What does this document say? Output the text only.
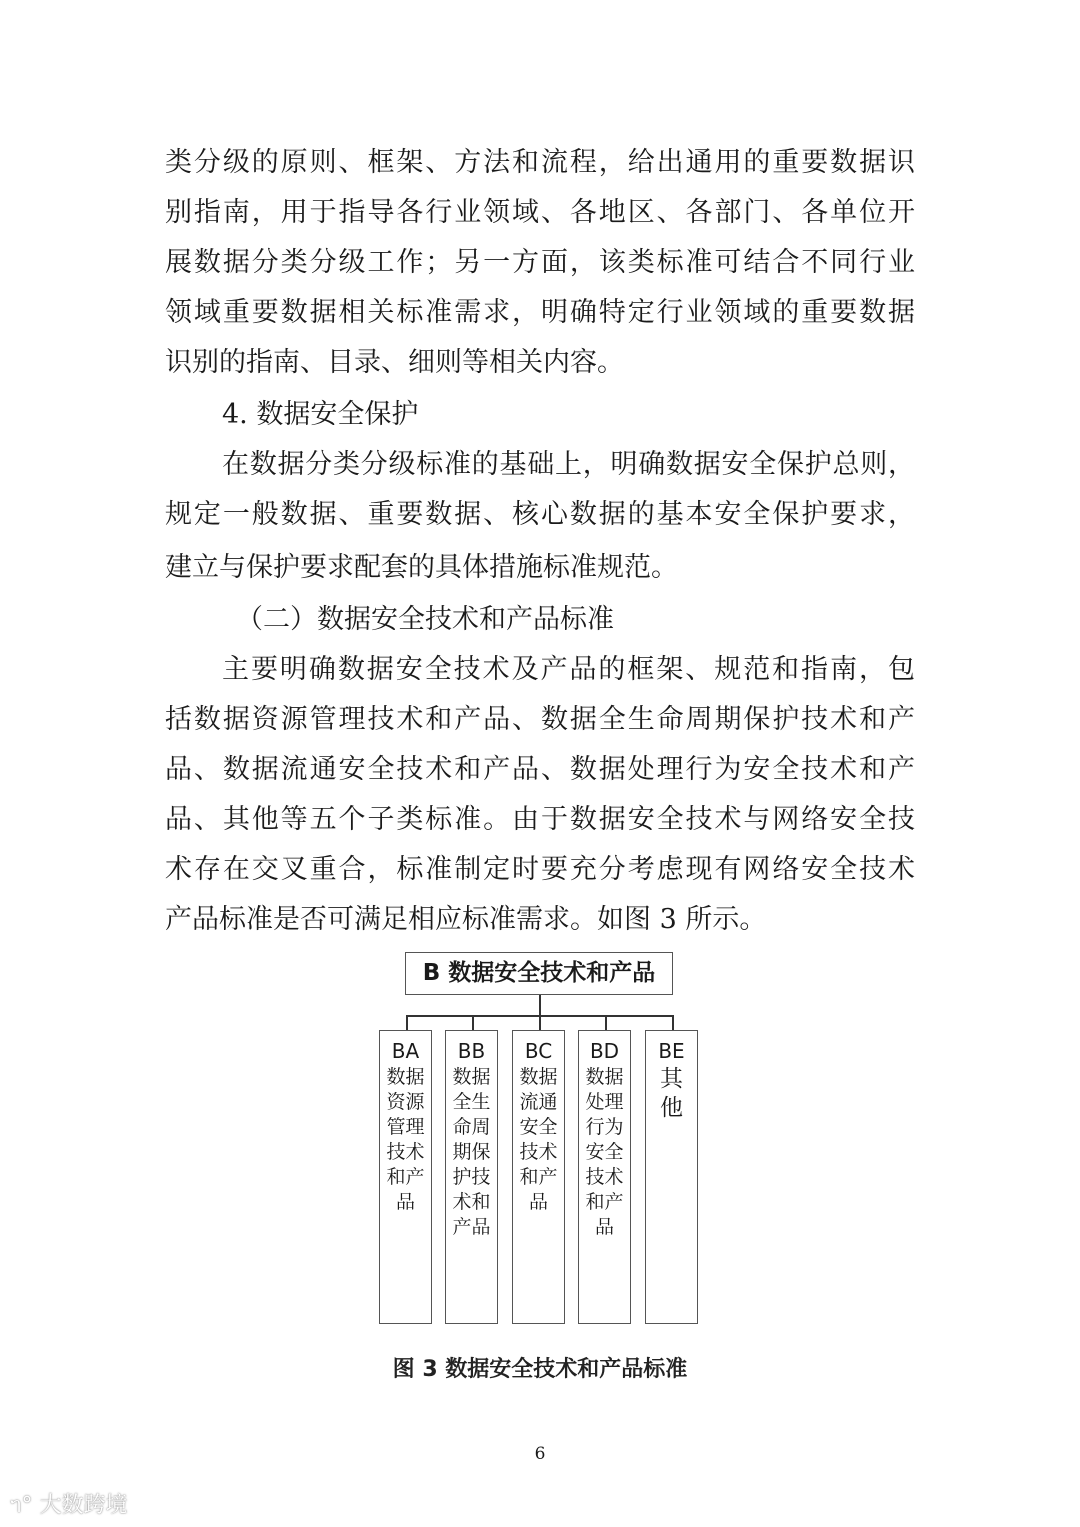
类分级的原则、框架、方法和流程，给出通用的重要数据识
别指南，用于指导各行业领域、各地区、各部门、各单位开
展数据分类分级工作；另一方面，该类标准可结合不同行业
领域重要数据相关标准需求，明确特定行业领域的重要数据
识别的指南、目录、细则等相关内容。
4. 数据安全保护
在数据分类分级标准的基础上，明确数据安全保护总则，
规定一般数据、重要数据、核心数据的基本安全保护要求，
建立与保护要求配套的具体措施标准规范。
（二）数据安全技术和产品标准
主要明确数据安全技术及产品的框架、规范和指南，包
括数据资源管理技术和产品、数据全生命周期保护技术和产
品、数据流通安全技术和产品、数据处理行为安全技术和产
品、其他等五个子类标准。由于数据安全技术与网络安全技
术存在交叉重合，标准制定时要充分考虑现有网络安全技术
产品标准是否可满足相应标准需求。如图 3 所示。
B 数据安全技术和产品
BA
数据资源管理技术和产品
BB
数据全生命周期保护技术和产品
BC
数据流通安全技术和产品
BD
数据处理行为安全技术和产品
BE
其他
图 3 数据安全技术和产品标准
6
ᥐ° 大数跨境
